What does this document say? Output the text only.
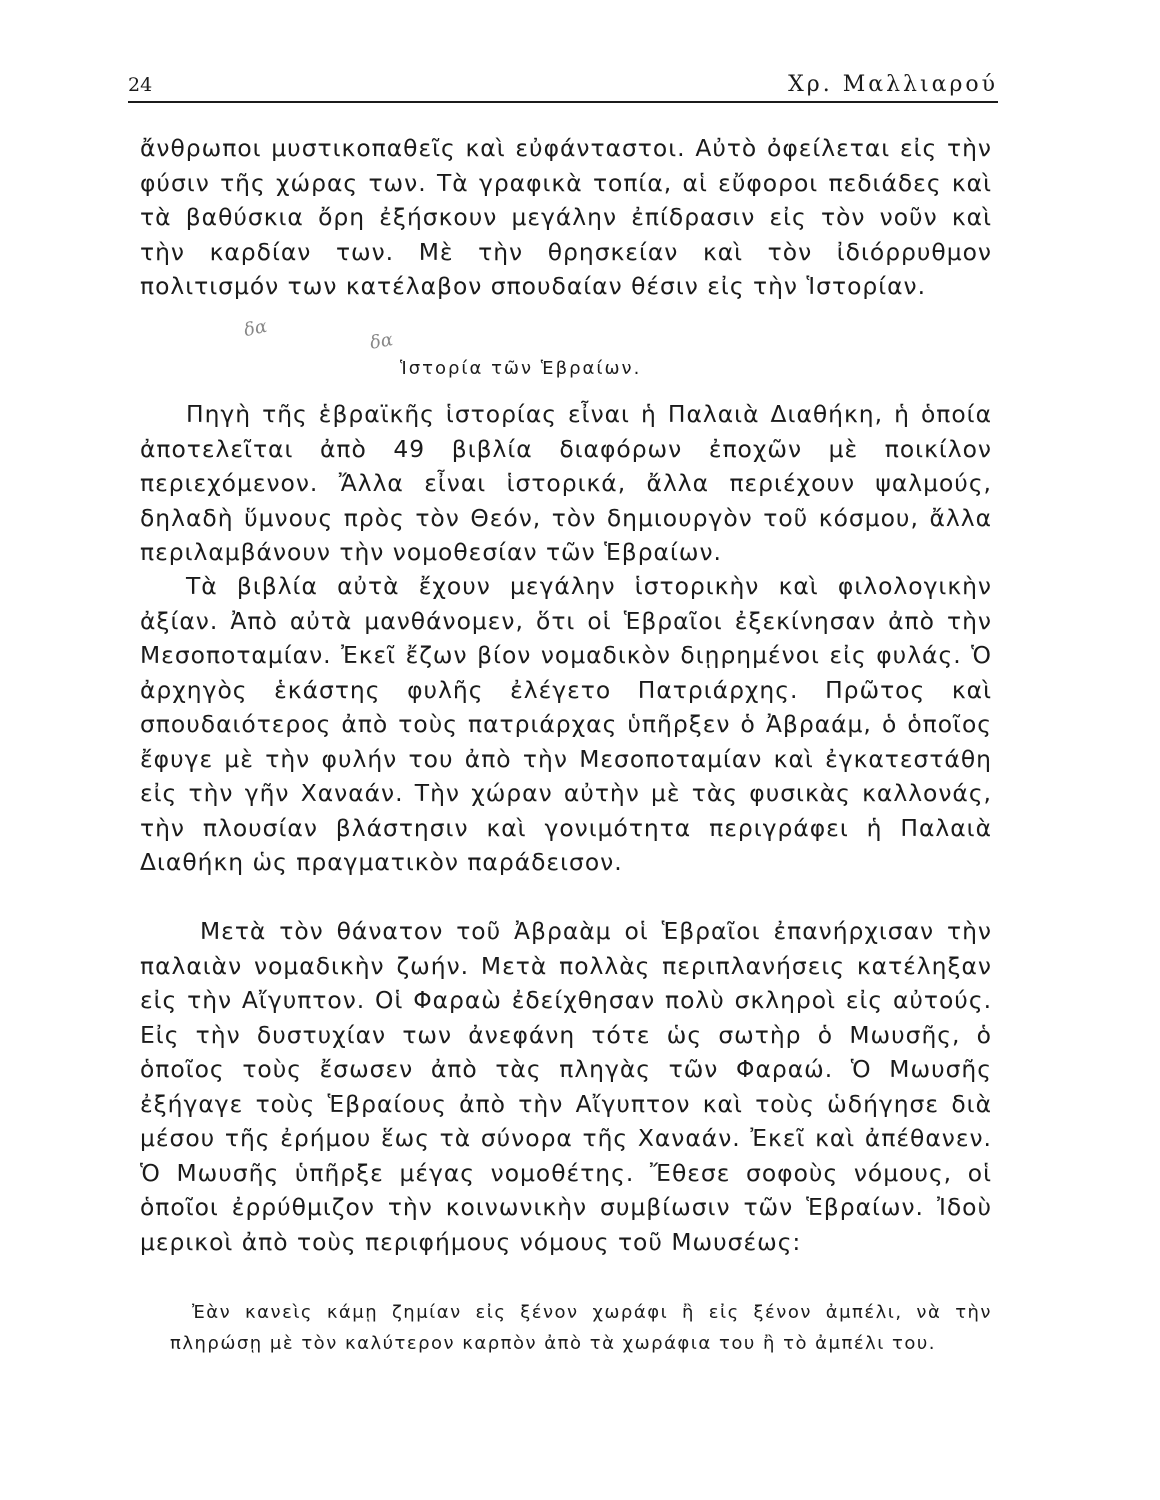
24	Χρ. Μαλλιαρού

ἄνθρωποι μυστικοπαθεῖς καὶ εὐφάνταστοι. Αὐτὸ ὀφείλεται εἰς τὴν φύσιν τῆς χώρας των. Τὰ γραφικὰ τοπία, αἱ εὔφοροι πεδιάδες καὶ τὰ βαθύσκια ὄρη ἐξήσκουν μεγάλην ἐπίδρασιν εἰς τὸν νοῦν καὶ τὴν καρδίαν των. Μὲ τὴν θρησκείαν καὶ τὸν ἰδιόρρυθμον πολιτισμόν των κατέλαβον σπουδαίαν θέσιν εἰς τὴν Ἱστορίαν.

δα
δα
Ἱστορία τῶν Ἑβραίων.

Πηγὴ τῆς ἑβραϊκῆς ἱστορίας εἶναι ἡ Παλαιὰ Διαθήκη, ἡ ὁποία ἀποτελεῖται ἀπὸ 49 βιβλία διαφόρων ἐποχῶν μὲ ποικίλον περιεχόμενον. Ἄλλα εἶναι ἱστορικά, ἄλλα περιέχουν ψαλμούς, δηλαδὴ ὕμνους πρὸς τὸν Θεόν, τὸν δημιουργὸν τοῦ κόσμου, ἄλλα περιλαμβάνουν τὴν νομοθεσίαν τῶν Ἑβραίων.

Τὰ βιβλία αὐτὰ ἔχουν μεγάλην ἱστορικὴν καὶ φιλολογικὴν ἀξίαν. Ἀπὸ αὐτὰ μανθάνομεν, ὅτι οἱ Ἑβραῖοι ἐξεκίνησαν ἀπὸ τὴν Μεσοποταμίαν. Ἐκεῖ ἔζων βίον νομαδικὸν διῃρημένοι εἰς φυλάς. Ὁ ἀρχηγὸς ἑκάστης φυλῆς ἐλέγετο Πατριάρχης. Πρῶτος καὶ σπουδαιότερος ἀπὸ τοὺς πατριάρχας ὑπῆρξεν ὁ Ἀβραάμ, ὁ ὁποῖος ἔφυγε μὲ τὴν φυλήν του ἀπὸ τὴν Μεσοποταμίαν καὶ ἐγκατεστάθη εἰς τὴν γῆν Χαναάν. Τὴν χώραν αὐτὴν μὲ τὰς φυσικὰς καλλονάς, τὴν πλουσίαν βλάστησιν καὶ γονιμότητα περιγράφει ἡ Παλαιὰ Διαθήκη ὡς πραγματικὸν παράδεισον.

Μετὰ τὸν θάνατον τοῦ Ἀβραὰμ οἱ Ἑβραῖοι ἐπανήρχισαν τὴν παλαιὰν νομαδικὴν ζωήν. Μετὰ πολλὰς περιπλανήσεις κατέληξαν εἰς τὴν Αἴγυπτον. Οἱ Φαραὼ ἐδείχθησαν πολὺ σκληροὶ εἰς αὐτούς. Εἰς τὴν δυστυχίαν των ἀνεφάνη τότε ὡς σωτὴρ ὁ Μωυσῆς, ὁ ὁποῖος τοὺς ἔσωσεν ἀπὸ τὰς πληγὰς τῶν Φαραώ. Ὁ Μωυσῆς ἐξήγαγε τοὺς Ἑβραίους ἀπὸ τὴν Αἴγυπτον καὶ τοὺς ὡδήγησε διὰ μέσου τῆς ἐρήμου ἕως τὰ σύνορα τῆς Χαναάν. Ἐκεῖ καὶ ἀπέθανεν. Ὁ Μωυσῆς ὑπῆρξε μέγας νομοθέτης. Ἔθεσε σοφοὺς νόμους, οἱ ὁποῖοι ἐρρύθμιζον τὴν κοινωνικὴν συμβίωσιν τῶν Ἑβραίων. Ἰδοὺ μερικοὶ ἀπὸ τοὺς περιφήμους νόμους τοῦ Μωυσέως:

Ἐὰν κανεὶς κάμῃ ζημίαν εἰς ξένον χωράφι ἢ εἰς ξένον ἀμπέλι, νὰ τὴν πληρώσῃ μὲ τὸν καλύτερον καρπὸν ἀπὸ τὰ χωράφια του ἢ τὸ ἀμπέλι του.
